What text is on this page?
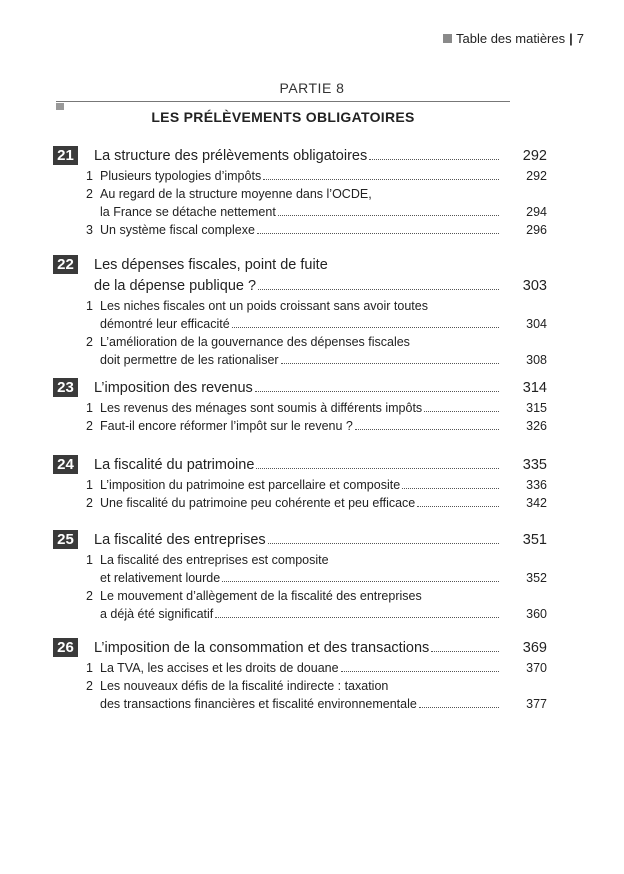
Table des matières | 7
PARTIE 8
LES PRÉLÈVEMENTS OBLIGATOIRES
21 La structure des prélèvements obligatoires	292
1 Plusieurs typologies d’impôts	292
2 Au regard de la structure moyenne dans l’OCDE,
la France se détache nettement	294
3 Un système fiscal complexe	296
22 Les dépenses fiscales, point de fuite
de la dépense publique ?	303
1 Les niches fiscales ont un poids croissant sans avoir toutes
démontré leur efficacité	304
2 L’amélioration de la gouvernance des dépenses fiscales
doit permettre de les rationaliser	308
23 L’imposition des revenus	314
1 Les revenus des ménages sont soumis à différents impôts	315
2 Faut-il encore réformer l’impôt sur le revenu ?	326
24 La fiscalité du patrimoine	335
1 L’imposition du patrimoine est parcellaire et composite	336
2 Une fiscalité du patrimoine peu cohérente et peu efficace	342
25 La fiscalité des entreprises	351
1 La fiscalité des entreprises est composite
et relativement lourde	352
2 Le mouvement d’allègement de la fiscalité des entreprises
a déjà été significatif	360
26 L’imposition de la consommation et des transactions	369
1 La TVA, les accises et les droits de douane	370
2 Les nouveaux défis de la fiscalité indirecte : taxation
des transactions financières et fiscalité environnementale	377
